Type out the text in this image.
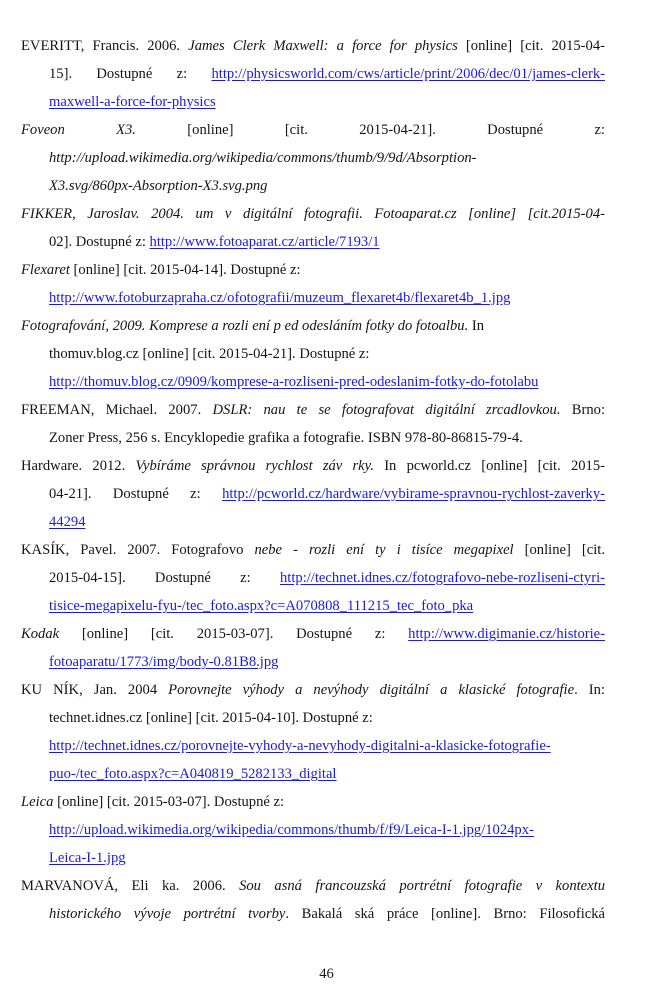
EVERITT, Francis. 2006. James Clerk Maxwell: a force for physics [online] [cit. 2015-04-
15]. Dostupné z: http://physicsworld.com/cws/article/print/2006/dec/01/james-clerk-
maxwell-a-force-for-physics
Foveon X3. [online] [cit. 2015-04-21]. Dostupné z:
http://upload.wikimedia.org/wikipedia/commons/thumb/9/9d/Absorption-
X3.svg/860px-Absorption-X3.svg.png
FIKKER, Jaroslav. 2004. um v digitální fotografii. Fotoaparat.cz [online] [cit.2015-04-
02]. Dostupné z: http://www.fotoaparat.cz/article/7193/1
Flexaret [online] [cit. 2015-04-14]. Dostupné z:
http://www.fotoburzapraha.cz/ofotografii/muzeum_flexaret4b/flexaret4b_1.jpg
Fotografování, 2009. Komprese a rozli ení p ed odesláním fotky do fotoalbu. In
thomuv.blog.cz [online] [cit. 2015-04-21]. Dostupné z:
http://thomuv.blog.cz/0909/komprese-a-rozliseni-pred-odeslanim-fotky-do-fotolabu
FREEMAN, Michael. 2007. DSLR: nau te se fotografovat digitální zrcadlovkou. Brno:
Zoner Press, 256 s. Encyklopedie grafika a fotografie. ISBN 978-80-86815-79-4.
Hardware. 2012. Vybíráme správnou rychlost záv rky. In pcworld.cz [online] [cit. 2015-
04-21]. Dostupné z: http://pcworld.cz/hardware/vybirame-spravnou-rychlost-zaverky-
44294
KASÍK, Pavel. 2007. Fotografovo nebe - rozli ení ty i tisíce megapixel [online] [cit.
2015-04-15]. Dostupné z: http://technet.idnes.cz/fotografovo-nebe-rozliseni-ctyri-
tisice-megapixelu-fyu-/tec_foto.aspx?c=A070808_111215_tec_foto_pka
Kodak [online] [cit. 2015-03-07]. Dostupné z: http://www.digimanie.cz/historie-
fotoaparatu/1773/img/body-0.81B8.jpg
KU NÍK, Jan. 2004 Porovnejte výhody a nevýhody digitální a klasické fotografie. In:
technet.idnes.cz [online] [cit. 2015-04-10]. Dostupné z:
http://technet.idnes.cz/porovnejte-vyhody-a-nevyhody-digitalni-a-klasicke-fotografie-
puo-/tec_foto.aspx?c=A040819_5282133_digital
Leica [online] [cit. 2015-03-07]. Dostupné z:
http://upload.wikimedia.org/wikipedia/commons/thumb/f/f9/Leica-I-1.jpg/1024px-
Leica-I-1.jpg
MARVANOVÁ, Eli ka. 2006. Sou asná francouzská portrétní fotografie v kontextu
historického vývoje portrétní tvorby. Bakalá ská práce [online]. Brno: Filosofická
46
